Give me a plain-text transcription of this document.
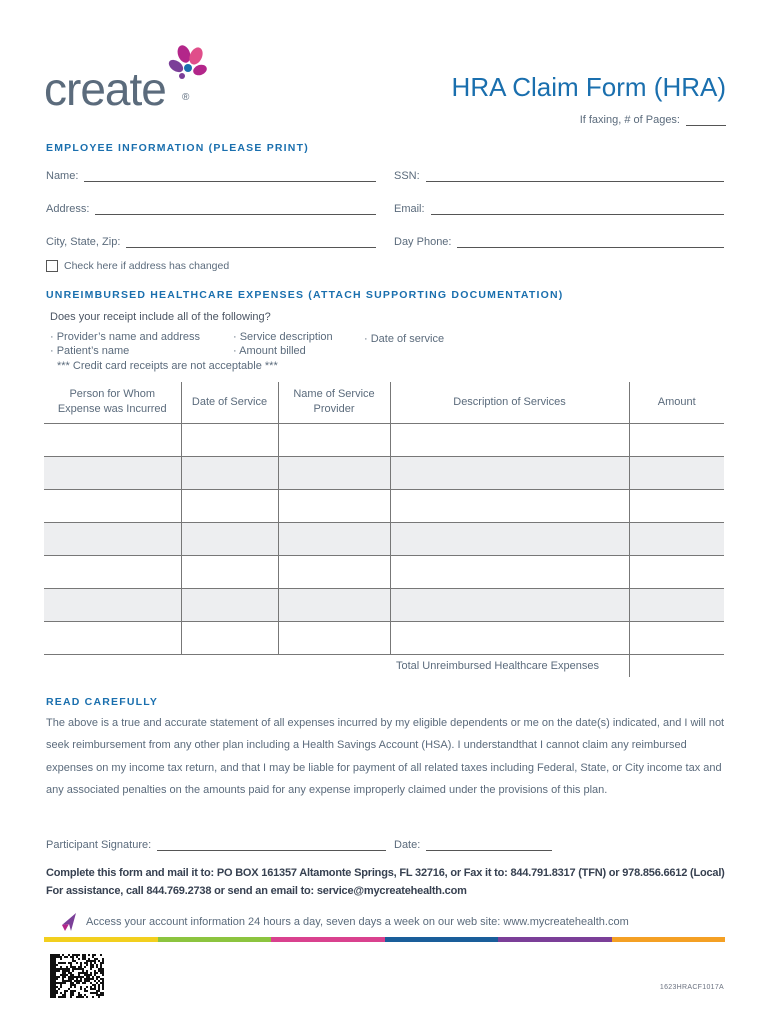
create ®	HRA Claim Form (HRA)
If faxing, # of Pages:
EMPLOYEE INFORMATION (PLEASE PRINT)
Name:	SSN:
Address:	Email:
City, State, Zip:	Day Phone:
Check here if address has changed
UNREIMBURSED HEALTHCARE EXPENSES (ATTACH SUPPORTING DOCUMENTATION)
Does your receipt include all of the following?
· Provider’s name and address
· Patient’s name
· Service description
· Amount billed
· Date of service
*** Credit card receipts are not acceptable ***
Person for Whom Expense was Incurred	Date of Service	Name of Service Provider	Description of Services	Amount

Total Unreimbursed Healthcare Expenses
READ CAREFULLY

The above is a true and accurate statement of all expenses incurred by my eligible dependents or me on the date(s) indicated, and I will not seek reimbursement from any other plan including a Health Savings Account (HSA). I understandthat I cannot claim any reimbursed expenses on my income tax return, and that I may be liable for payment of all related taxes including Federal, State, or City income tax and any associated penalties on the amounts paid for any expense improperly claimed under the provisions of this plan.

Participant Signature:	Date:
Complete this form and mail it to: PO BOX 161357 Altamonte Springs, FL 32716, or Fax it to: 844.791.8317 (TFN) or 978.856.6612 (Local)
For assistance, call 844.769.2738 or send an email to: service@mycreatehealth.com
Access your account information 24 hours a day, seven days a week on our web site: www.mycreatehealth.com
1623HRACF1017A
